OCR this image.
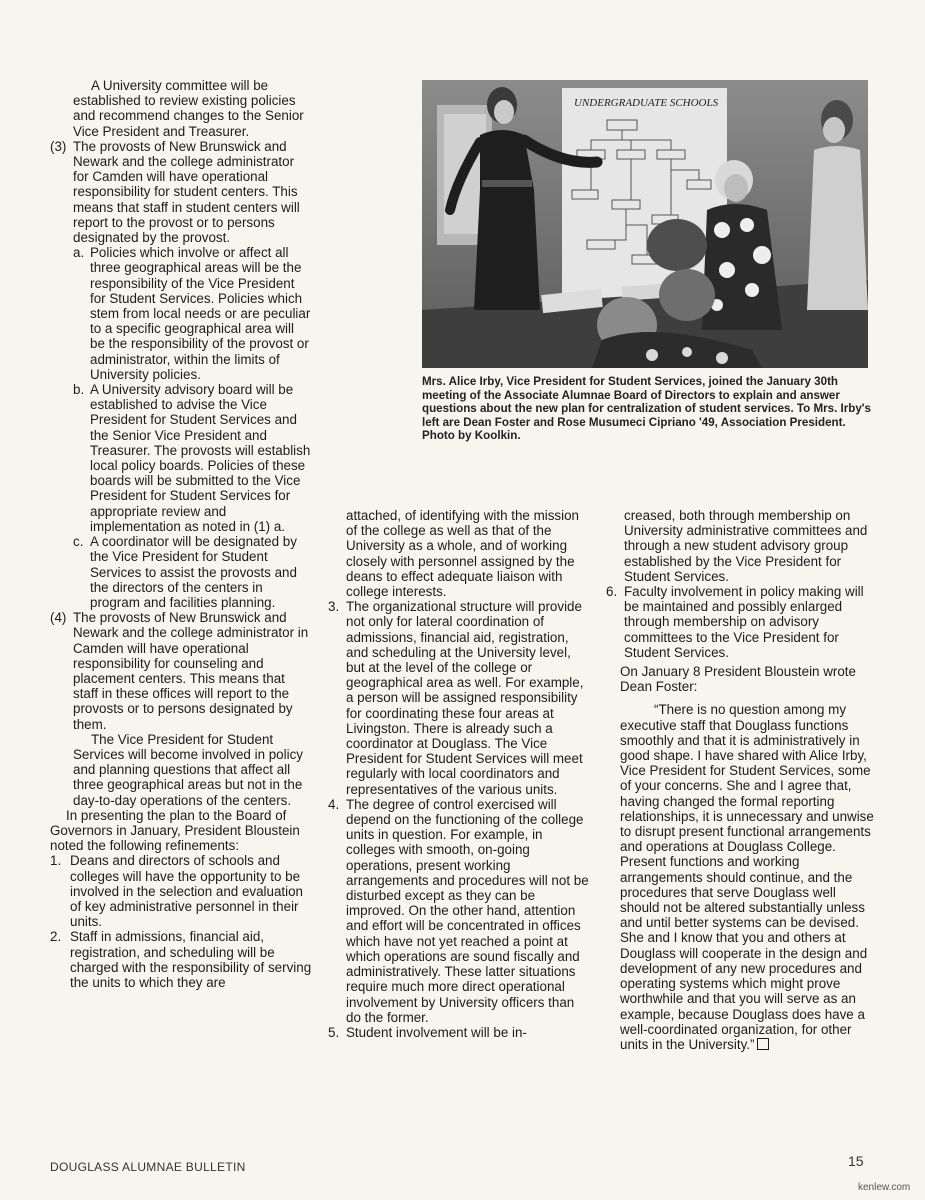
A University committee will be established to review existing policies and recommend changes to the Senior Vice President and Treasurer.

(3) The provosts of New Brunswick and Newark and the college administrator for Camden will have operational responsibility for student centers. This means that staff in student centers will report to the provost or to persons designated by the provost.
a. Policies which involve or affect all three geographical areas will be the responsibility of the Vice President for Student Services. Policies which stem from local needs or are peculiar to a specific geographical area will be the responsibility of the provost or administrator, within the limits of University policies.
b. A University advisory board will be established to advise the Vice President for Student Services and the Senior Vice President and Treasurer. The provosts will establish local policy boards. Policies of these boards will be submitted to the Vice President for Student Services for appropriate review and implementation as noted in (1) a.
c. A coordinator will be designated by the Vice President for Student Services to assist the provosts and the directors of the centers in program and facilities planning.
(4) The provosts of New Brunswick and Newark and the college administrator in Camden will have operational responsibility for counseling and placement centers. This means that staff in these offices will report to the provosts or to persons designated by them.

The Vice President for Student Services will become involved in policy and planning questions that affect all three geographical areas but not in the day-to-day operations of the centers.

In presenting the plan to the Board of Governors in January, President Bloustein noted the following refinements:

1. Deans and directors of schools and colleges will have the opportunity to be involved in the selection and evaluation of key administrative personnel in their units.
2. Staff in admissions, financial aid, registration, and scheduling will be charged with the responsibility of serving the units to which they are
UNDERGRADUATE SCHOOLS
Mrs. Alice Irby, Vice President for Student Services, joined the January 30th meeting of the Associate Alumnae Board of Directors to explain and answer questions about the new plan for centralization of student services. To Mrs. Irby's left are Dean Foster and Rose Musumeci Cipriano '49, Association President. Photo by Koolkin.

attached, of identifying with the mission of the college as well as that of the University as a whole, and of working closely with personnel assigned by the deans to effect adequate liaison with college interests.

3. The organizational structure will provide not only for lateral coordination of admissions, financial aid, registration, and scheduling at the University level, but at the level of the college or geographical area as well. For example, a person will be assigned responsibility for coordinating these four areas at Livingston. There is already such a coordinator at Douglass. The Vice President for Student Services will meet regularly with local coordinators and representatives of the various units.
4. The degree of control exercised will depend on the functioning of the college units in question. For example, in colleges with smooth, on-going operations, present working arrangements and procedures will not be disturbed except as they can be improved. On the other hand, attention and effort will be concentrated in offices which have not yet reached a point at which operations are sound fiscally and administratively. These latter situations require much more direct operational involvement by University officers than do the former.
5. Student involvement will be in-

creased, both through membership on University administrative committees and through a new student advisory group established by the Vice President for Student Services.

6. Faculty involvement in policy making will be maintained and possibly enlarged through membership on advisory committees to the Vice President for Student Services.

On January 8 President Bloustein wrote Dean Foster:

“There is no question among my executive staff that Douglass functions smoothly and that it is administratively in good shape. I have shared with Alice Irby, Vice President for Student Services, some of your concerns. She and I agree that, having changed the formal reporting relationships, it is unnecessary and unwise to disrupt present functional arrangements and operations at Douglass College. Present functions and working arrangements should continue, and the procedures that serve Douglass well should not be altered substantially unless and until better systems can be devised. She and I know that you and others at Douglass will cooperate in the design and development of any new procedures and operating systems which might prove worthwhile and that you will serve as an example, because Douglass does have a well-coordinated organization, for other units in the University.”

DOUGLASS ALUMNAE BULLETIN	15
kenlew.com
